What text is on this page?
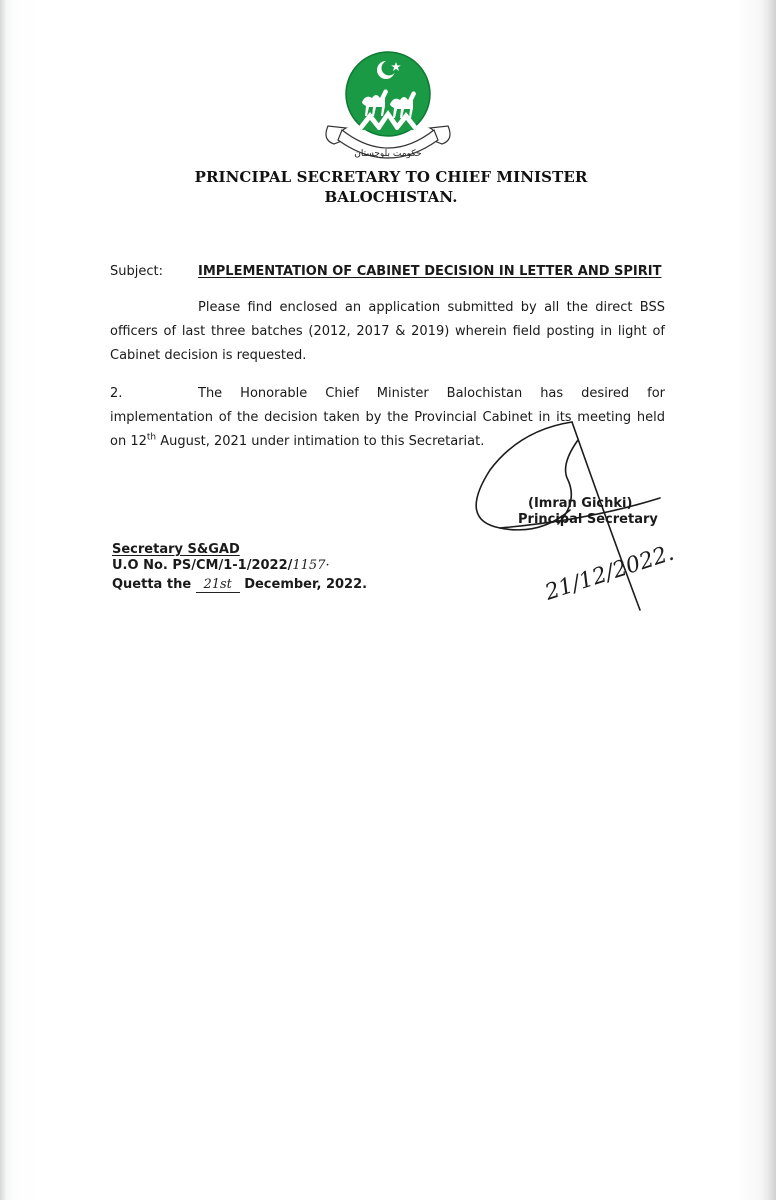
حکومت بلوچستان
PRINCIPAL SECRETARY TO CHIEF MINISTER
BALOCHISTAN.
Subject:	IMPLEMENTATION OF CABINET DECISION IN LETTER AND SPIRIT
Please find enclosed an application submitted by all the direct BSS officers of last three batches (2012, 2017 & 2019) wherein field posting in light of Cabinet decision is requested.
2.	The Honorable Chief Minister Balochistan has desired for implementation of the decision taken by the Provincial Cabinet in its meeting held on 12th August, 2021 under intimation to this Secretariat.
21/12/2022.
(Imran Gichki)
Principal Secretary
Secretary S&GAD
U.O No. PS/CM/1-1/2022/1157·
Quetta the 21st December, 2022.
